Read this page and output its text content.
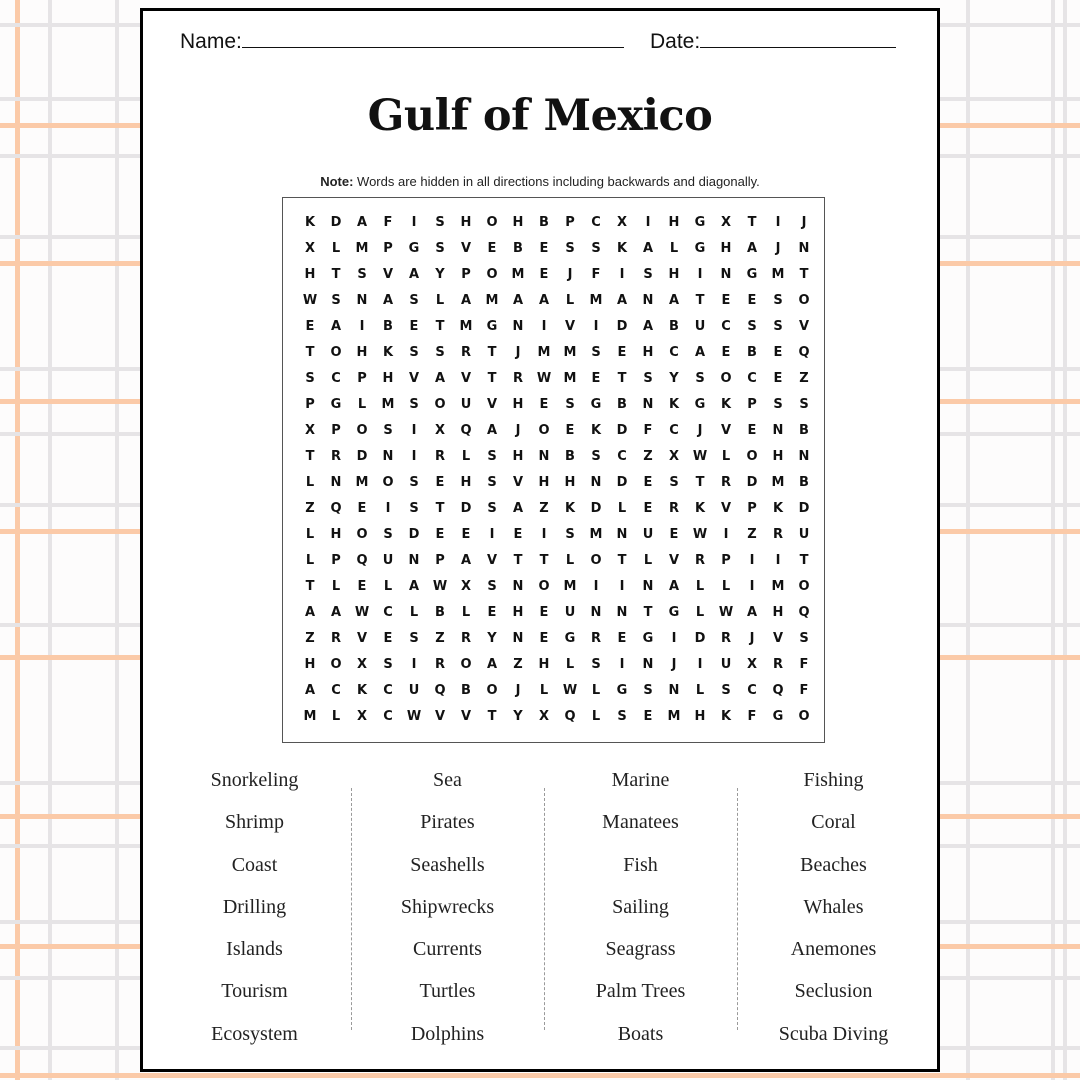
Name:	Date:
Gulf of Mexico
Note: Words are hidden in all directions including backwards and diagonally.
K	D	A	F	I	S	H	O	H	B	P	C	X	I	H	G	X	T	I	J
X	L	M	P	G	S	V	E	B	E	S	S	K	A	L	G	H	A	J	N
H	T	S	V	A	Y	P	O	M	E	J	F	I	S	H	I	N	G	M	T
W	S	N	A	S	L	A	M	A	A	L	M	A	N	A	T	E	E	S	O
E	A	I	B	E	T	M	G	N	I	V	I	D	A	B	U	C	S	S	V
T	O	H	K	S	S	R	T	J	M	M	S	E	H	C	A	E	B	E	Q
S	C	P	H	V	A	V	T	R	W M	E	T	S	Y	S	O	C	E	Z
P	G	L	M	S	O	U	V	H	E	S	G	B	N	K	G	K	P	S	S
X	P	O	S	I	X	Q	A	J	O	E	K	D	F	C	J	V	E	N	B
T	R	D	N	I	R	L	S	H	N	B	S	C	Z	X	W	L	O	H	N
L	N	M	O	S	E	H	S	V	H	H	N	D	E	S	T	R	D	M	B
Z	Q	E	I	S	T	D	S	A	Z	K	D	L	E	R	K	V	P	K	D
L	H	O	S	D	E	E	I	E	I	S	M	N	U	E	W	I	Z	R	U
L	P	Q	U	N	P	A	V	T	T	L	O	T	L	V	R	P	I	I	T
T	L	E	L	A	W	X	S	N	O	M	I	I	N	A	L	L	I	M	O
A	A	W	C	L	B	L	E	H	E	U	N	N	T	G	L	W	A	H	Q
Z	R	V	E	S	Z	R	Y	N	E	G	R	E	G	I	D	R	J	V	S
H	O	X	S	I	R	O	A	Z	H	L	S	I	N	J	I	U	X	R	F
A	C	K	C	U	Q	B	O	J	L	W	L	G	S	N	L	S	C	Q	F
M	L	X	C	W	V	V	T	Y	X	Q	L	S	E	M	H	K	F	G	O
Snorkeling
Shrimp
Coast
Drilling
Islands
Tourism
Ecosystem
Sea
Pirates
Seashells
Shipwrecks
Currents
Turtles
Dolphins
Marine
Manatees
Fish
Sailing
Seagrass
Palm Trees
Boats
Fishing
Coral
Beaches
Whales
Anemones
Seclusion
Scuba Diving
